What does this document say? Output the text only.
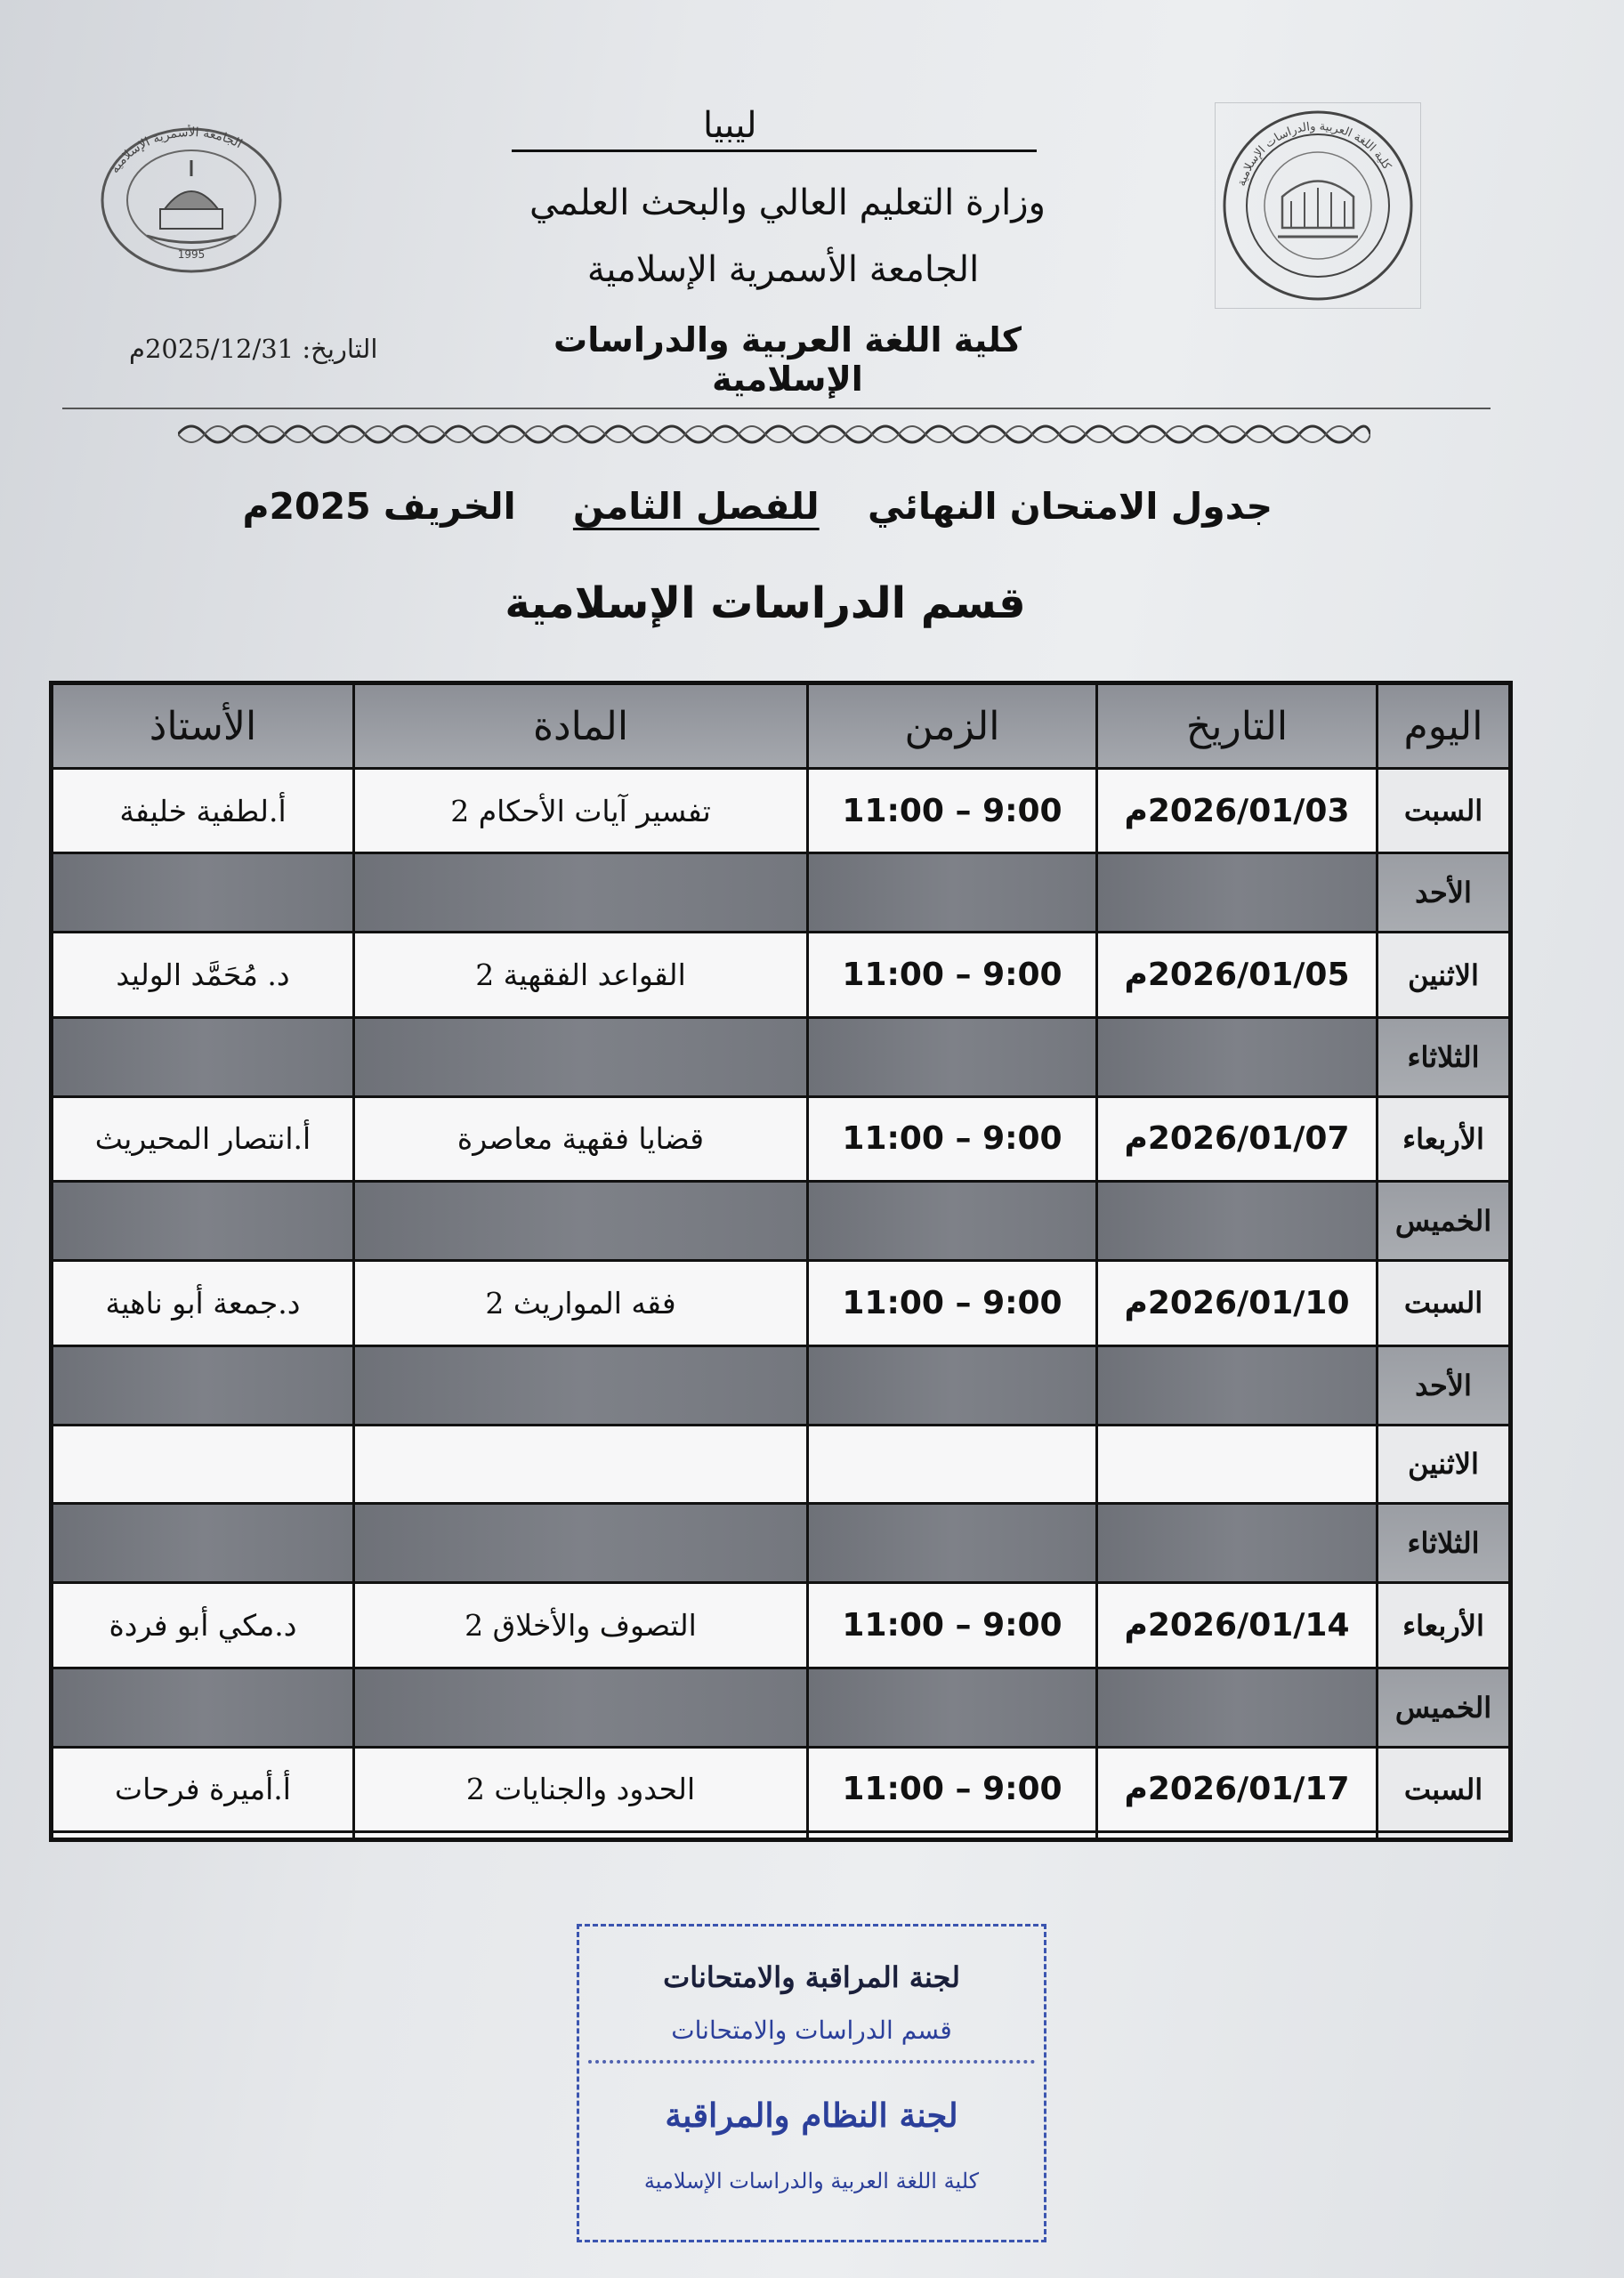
ليبيا
وزارة التعليم العالي والبحث العلمي
الجامعة الأسمرية الإسلامية
كلية اللغة العربية والدراسات الإسلامية
التاريخ: 2025/12/31م
كلية اللغة العربية والدراسات الإسلامية
الجامعة الأسمرية الإسلامية
1995
جدول الامتحان النهائي للفصل الثامن الخريف 2025م
قسم الدراسات الإسلامية
اليوم	التاريخ	الزمن	المادة	الأستاذ
السبت	2026/01/03م	9:00 – 11:00	تفسير آيات الأحكام 2	أ.لطفية خليفة
الأحد				
الاثنين	2026/01/05م	9:00 – 11:00	القواعد الفقهية 2	د. مُحَمَّد الوليد
الثلاثاء				
الأربعاء	2026/01/07م	9:00 – 11:00	قضايا فقهية معاصرة	أ.انتصار المحيريث
الخميس				
السبت	2026/01/10م	9:00 – 11:00	فقه المواريث 2	د.جمعة أبو ناهية
الأحد				
الاثنين				
الثلاثاء				
الأربعاء	2026/01/14م	9:00 – 11:00	التصوف والأخلاق 2	د.مكي أبو فردة
الخميس				
السبت	2026/01/17م	9:00 – 11:00	الحدود والجنايات 2	أ.أميرة فرحات

لجنة المراقبة والامتحانات
قسم الدراسات والامتحانات
لجنة النظام والمراقبة
كلية اللغة العربية والدراسات الإسلامية
